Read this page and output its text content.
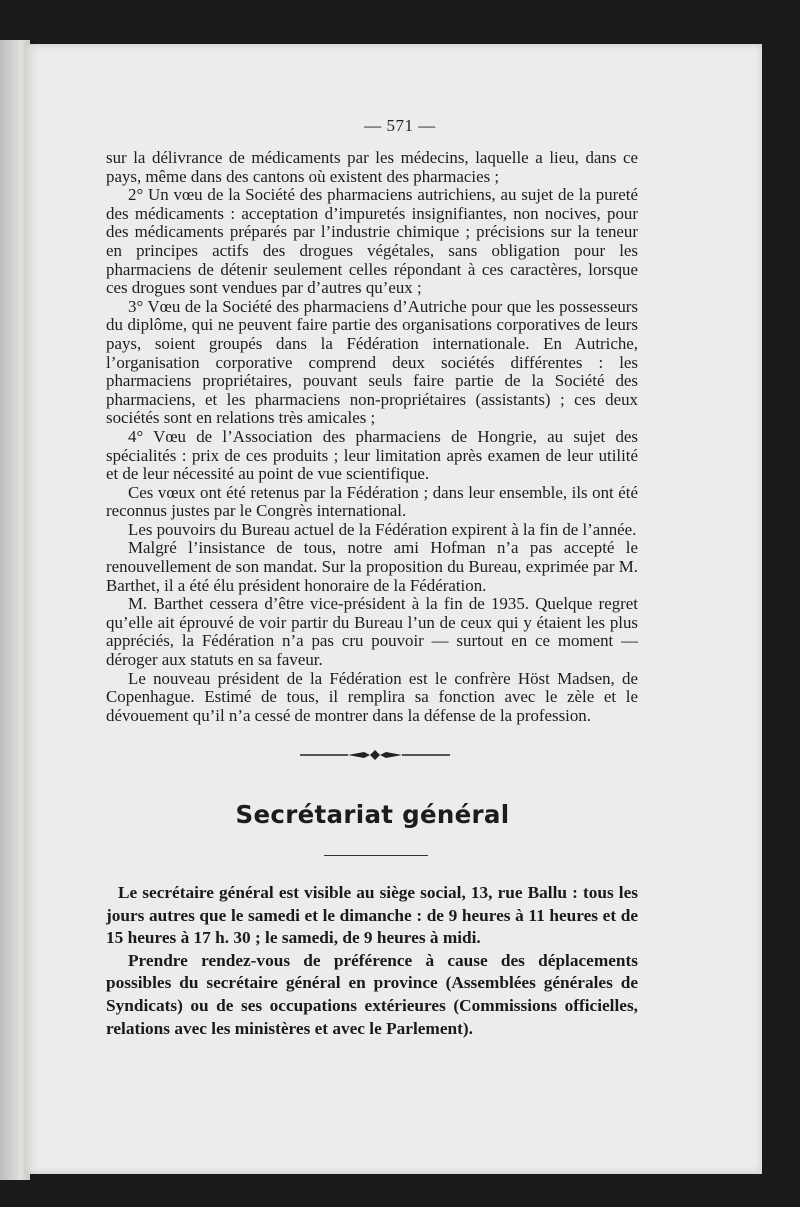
— 571 —

sur la délivrance de médicaments par les médecins, laquelle a lieu, dans ce pays, même dans des cantons où existent des pharmacies ;

2° Un vœu de la Société des pharmaciens autrichiens, au sujet de la pureté des médicaments : acceptation d’impuretés insignifiantes, non nocives, pour des médicaments préparés par l’industrie chimique ; précisions sur la teneur en principes actifs des drogues végétales, sans obligation pour les pharmaciens de détenir seulement celles répondant à ces caractères, lorsque ces drogues sont vendues par d’autres qu’eux ;

3° Vœu de la Société des pharmaciens d’Autriche pour que les possesseurs du diplôme, qui ne peuvent faire partie des organisations corporatives de leurs pays, soient groupés dans la Fédération internationale. En Autriche, l’organisation corporative comprend deux sociétés différentes : les pharmaciens propriétaires, pouvant seuls faire partie de la Société des pharmaciens, et les pharmaciens non-propriétaires (assistants) ; ces deux sociétés sont en relations très amicales ;

4° Vœu de l’Association des pharmaciens de Hongrie, au sujet des spécialités : prix de ces produits ; leur limitation après examen de leur utilité et de leur nécessité au point de vue scientifique.

Ces vœux ont été retenus par la Fédération ; dans leur ensemble, ils ont été reconnus justes par le Congrès international.

Les pouvoirs du Bureau actuel de la Fédération expirent à la fin de l’année.

Malgré l’insistance de tous, notre ami Hofman n’a pas accepté le renouvellement de son mandat. Sur la proposition du Bureau, exprimée par M. Barthet, il a été élu président honoraire de la Fédération.

M. Barthet cessera d’être vice-président à la fin de 1935. Quelque regret qu’elle ait éprouvé de voir partir du Bureau l’un de ceux qui y étaient les plus appréciés, la Fédération n’a pas cru pouvoir — surtout en ce moment — déroger aux statuts en sa faveur.

Le nouveau président de la Fédération est le confrère Höst Madsen, de Copenhague. Estimé de tous, il remplira sa fonction avec le zèle et le dévouement qu’il n’a cessé de montrer dans la défense de la profession.

Secrétariat général

Le secrétaire général est visible au siège social, 13, rue Ballu : tous les jours autres que le samedi et le dimanche : de 9 heures à 11 heures et de 15 heures à 17 h. 30 ; le samedi, de 9 heures à midi.

Prendre rendez-vous de préférence à cause des déplacements possibles du secrétaire général en province (Assemblées générales de Syndicats) ou de ses occupations extérieures (Commissions officielles, relations avec les ministères et avec le Parlement).
